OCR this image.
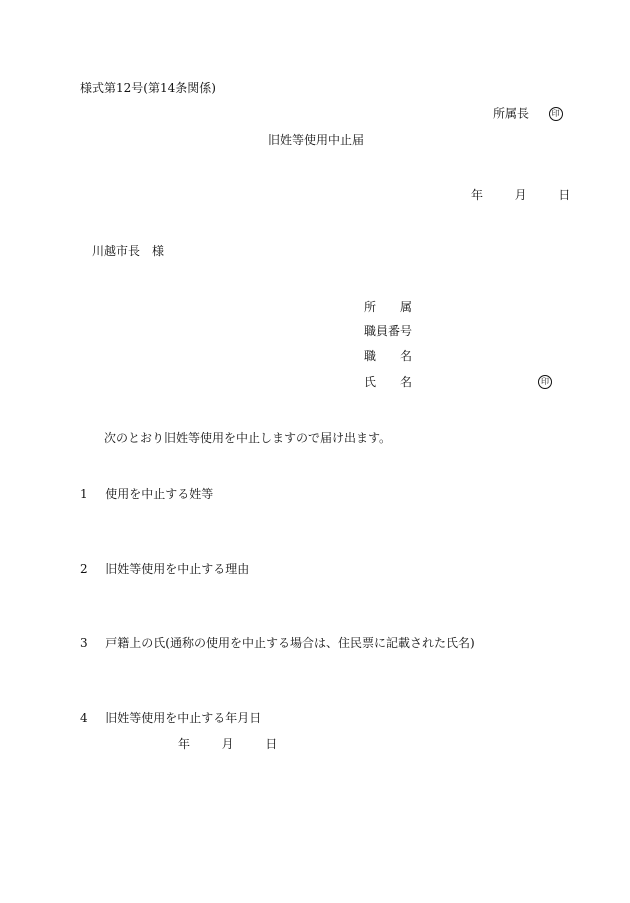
様式第12号(第14条関係)
所属長	印
旧姓等使用中止届
年	月	日
川越市長　様
所　　属
職員番号
職　　名
氏　　名	印
次のとおり旧姓等使用を中止しますので届け出ます。
1 使用を中止する姓等
2 旧姓等使用を中止する理由
3 戸籍上の氏(通称の使用を中止する場合は、住民票に記載された氏名)
4 旧姓等使用を中止する年月日
年	月	日
